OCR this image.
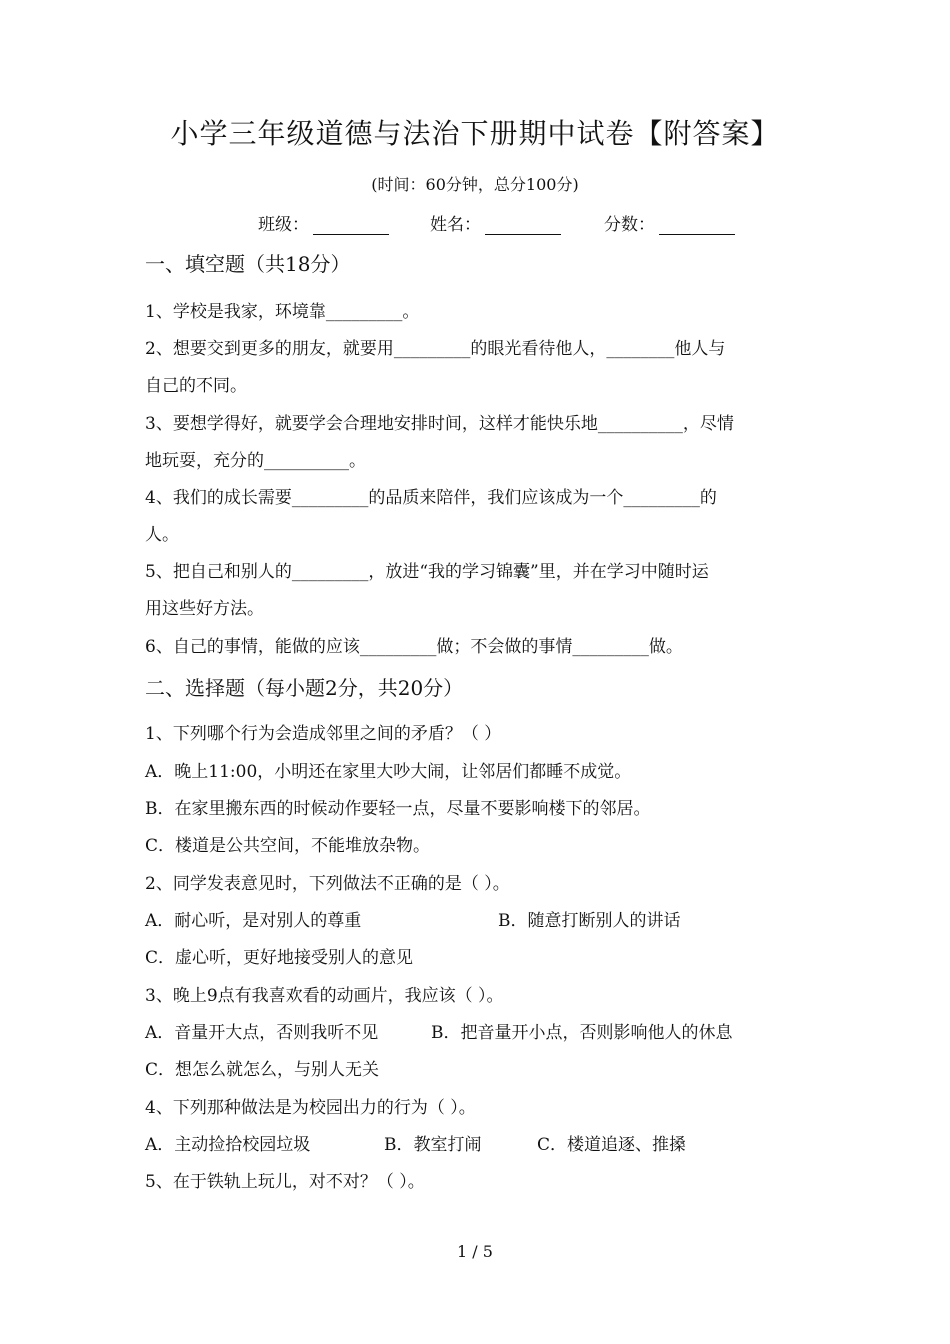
小学三年级道德与法治下册期中试卷【附答案】
(时间：60分钟，总分100分)
班级：	姓名：	分数：
一、填空题（共18分）
1、学校是我家，环境靠_________。
2、想要交到更多的朋友，就要用_________的眼光看待他人，________他人与
自己的不同。
3、要想学得好，就要学会合理地安排时间，这样才能快乐地__________，尽情
地玩耍，充分的__________。
4、我们的成长需要_________的品质来陪伴，我们应该成为一个_________的
人。
5、把自己和别人的_________，放进“我的学习锦囊”里，并在学习中随时运
用这些好方法。
6、自己的事情，能做的应该_________做；不会做的事情_________做。
二、选择题（每小题2分，共20分）
1、下列哪个行为会造成邻里之间的矛盾？（ ）
A．晚上11:00，小明还在家里大吵大闹，让邻居们都睡不成觉。
B．在家里搬东西的时候动作要轻一点，尽量不要影响楼下的邻居。
C．楼道是公共空间，不能堆放杂物。
2、同学发表意见时，下列做法不正确的是（ ）。
A．耐心听，是对别人的尊重	B．随意打断别人的讲话
C．虚心听，更好地接受别人的意见
3、晚上9点有我喜欢看的动画片，我应该（ ）。
A．音量开大点，否则我听不见	B．把音量开小点，否则影响他人的休息
C．想怎么就怎么，与别人无关
4、下列那种做法是为校园出力的行为（ ）。
A．主动捡拾校园垃圾	B．教室打闹	C．楼道追逐、推搡
5、在于铁轨上玩儿，对不对？（ ）。
1 / 5
